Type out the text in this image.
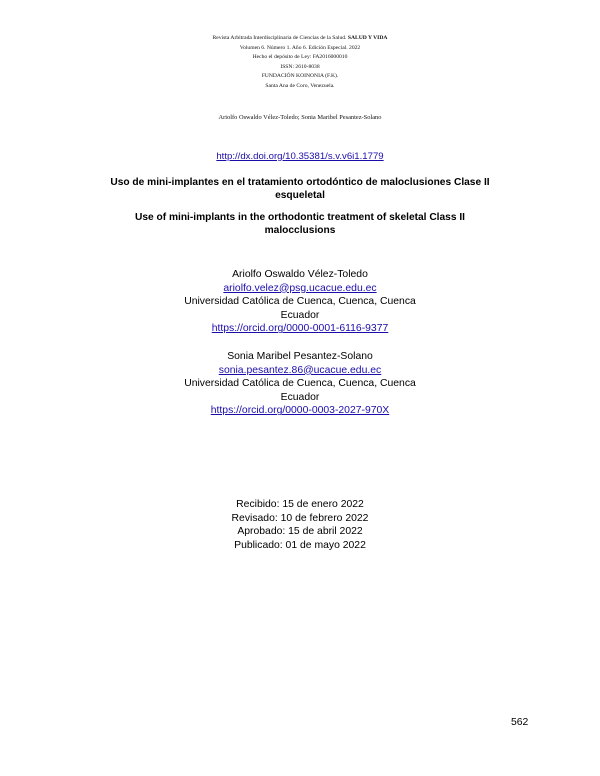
Revista Arbitrada Interdisciplinaria de Ciencias de la Salud. SALUD Y VIDA
Volumen 6. Número 1. Año 6. Edición Especial. 2022
Hecho el depósito de Ley: FA2016000010
ISSN: 2610-8038
FUNDACIÓN KOINONIA (F.K).
Santa Ana de Coro, Venezuela.
Ariolfo Oswaldo Vélez-Toledo; Sonia Maribel Pesantez-Solano
http://dx.doi.org/10.35381/s.v.v6i1.1779
Uso de mini-implantes en el tratamiento ortodóntico de maloclusiones Clase II esqueletal
Use of mini-implants in the orthodontic treatment of skeletal Class II malocclusions
Ariolfo Oswaldo Vélez-Toledo
ariolfo.velez@psg.ucacue.edu.ec
Universidad Católica de Cuenca, Cuenca, Cuenca
Ecuador
https://orcid.org/0000-0001-6116-9377
Sonia Maribel Pesantez-Solano
sonia.pesantez.86@ucacue.edu.ec
Universidad Católica de Cuenca, Cuenca, Cuenca
Ecuador
https://orcid.org/0000-0003-2027-970X
Recibido: 15 de enero 2022
Revisado: 10 de febrero 2022
Aprobado: 15 de abril 2022
Publicado: 01 de mayo 2022
562
